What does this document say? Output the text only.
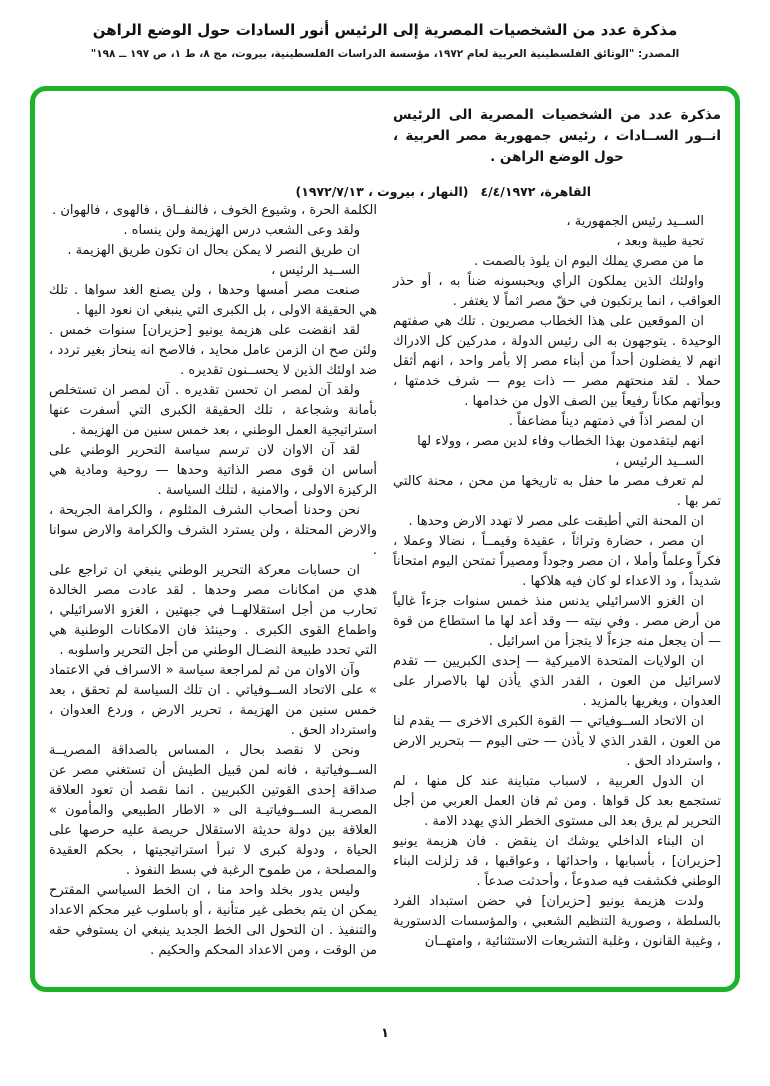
مذكرة عدد من الشخصيات المصرية إلى الرئيس أنور السادات حول الوضع الراهن
المصدر: "الوثائق الفلسطينية العربية لعام ١٩٧٢، مؤسسة الدراسات الفلسطينية، بيروت، مج ٨، ط ١، ص ١٩٧ ــ ١٩٨"

مذكرة عدد من الشخصيات المصرية الى الرئيس انــور الســادات ، رئيس جمهورية مصر العربية ، حول الوضع الراهن .

القاهرة، ٤/٤/١٩٧٢
(النهار ، بيروت ، ١٩٧٢/٧/١٣)

الســيد رئيس الجمهورية ،

تحية طيبة وبعد ،

ما من مصري يملك اليوم ان يلوذ بالصمت .

واولئك الذين يملكون الرأي ويحبسونه ضناً به ، أو حذر العواقب ، انما يرتكبون في حقّ مصر اثماً لا يغتفر .

ان الموقعين على هذا الخطاب مصريون . تلك هي صفتهم الوحيدة . يتوجهون به الى رئيس الدولة ، مدركين كل الادراك انهم لا يفضلون أحداً من أبناء مصر إلا بأمر واحد ، انهم أثقل حملا . لقد منحتهم مصر — ذات يوم — شرف خدمتها ، وبوأتهم مكاناً رفيعاً بين الصف الاول من خدامها .

ان لمصر اذاً في ذمتهم ديناً مضاعفاً .

انهم ليتقدمون بهذا الخطاب وفاء لدين مصر ، وولاء لها

الســيد الرئيس ،

لم تعرف مصر ما حفل به تاريخها من محن ، محنة كالتي تمر بها .

ان المحنة التي أطبقت على مصر لا تهدد الارض وحدها .

ان مصر ، حضارة وتراثاً ، عقيدة وقيمــاً ، نضالا وعملا ، فكراً وعلماً وأملا ، ان مصر وجوداً ومصيراً تمتحن اليوم امتحاناً شديداً ، ود الاعداء لو كان فيه هلاكها .

ان الغزو الاسرائيلي يدنس منذ خمس سنوات جزءاً غالياً من أرض مصر . وفي نيته — وقد أعد لها ما استطاع من قوة — أن يجعل منه جزءاً لا يتجزأ من اسرائيل .

ان الولايات المتحدة الاميركية — إحدى الكبريين — تقدم لاسرائيل من العون ، القدر الذي يأذن لها بالاصرار على العدوان ، ويغريها بالمزيد .

ان الاتحاد الســوفياتي — القوة الكبرى الاخرى — يقدم لنا من العون ، القدر الذي لا يأذن — حتى اليوم — بتحرير الارض ، واسترداد الحق .

ان الدول العربية ، لاسباب متباينة عند كل منها ، لم تستجمع بعد كل قواها . ومن ثم فان العمل العربي من أجل التحرير لم يرق بعد الى مستوى الخطر الذي يهدد الامة .

ان البناء الداخلي يوشك ان ينقض . فان هزيمة يونيو [حزيران] ، بأسبابها ، واحداثها ، وعواقبها ، قد زلزلت البناء الوطني فكشفت فيه صدوعاً ، وأحدثت صدعاً .

ولدت هزيمة يونيو [حزيران] في حضن استبداد الفرد بالسلطة ، وصورية التنظيم الشعبي ، والمؤسسات الدستورية ، وغيبة القانون ، وغلبة التشريعات الاستثنائية ، وامتهــان

الكلمة الحرة ، وشيوع الخوف ، فالنفــاق ، فالهوى ، فالهوان .

ولقد وعى الشعب درس الهزيمة ولن ينساه .

ان طريق النصر لا يمكن بحال ان تكون طريق الهزيمة .

الســيد الرئيس ،

صنعت مصر أمسها وحدها ، ولن يصنع الغد سواها . تلك هي الحقيقة الاولى ، بل الكبرى التي ينبغي ان نعود اليها .

لقد انقضت على هزيمة يونيو [حزيران] سنوات خمس . ولئن صح ان الزمن عامل محايد ، فالاصح انه ينحاز بغير تردد ، ضد اولئك الذين لا يحســنون تقديره .

ولقد آن لمصر ان تحسن تقديره . آن لمصر ان تستخلص بأمانة وشجاعة ، تلك الحقيقة الكبرى التي أسفرت عنها استراتيجية العمل الوطني ، بعد خمس سنين من الهزيمة .

لقد آن الاوان لان ترسم سياسة التحرير الوطني على أساس ان قوى مصر الذاتية وحدها — روحية ومادية هي الركيزة الاولى ، والامنية ، لتلك السياسة .

نحن وحدنا أصحاب الشرف المثلوم ، والكرامة الجريحة ، والارض المحتلة ، ولن يسترد الشرف والكرامة والارض سوانا .

ان حسابات معركة التحرير الوطني ينبغي ان تراجع على هدي من امكانات مصر وحدها . لقد عادت مصر الخالدة تحارب من أجل استقلالهــا في جبهتين ، الغزو الاسرائيلي ، واطماع القوى الكبرى . وحينئذ فان الامكانات الوطنية هي التي تحدد طبيعة النضـال الوطني من أجل التحرير واسلوبه .

وآن الاوان من ثم لمراجعة سياسة « الاسراف في الاعتماد » على الاتحاد الســوفياتي . ان تلك السياسة لم تحقق ، بعد خمس سنين من الهزيمة ، تحرير الارض ، وردع العدوان ، واسترداد الحق .

ونحن لا نقصد بحال ، المساس بالصداقة المصريــة الســوفياتية ، فانه لمن قبيل الطيش أن تستغني مصر عن صداقة إحدى القوتين الكبريين . انما نقصد أن تعود العلاقة المصريـة الســوفياتيـة الى « الاطار الطبيعي والمأمون » العلاقة بين دولة حديثة الاستقلال حريصة عليه حرصها على الحياة ، ودولة كبرى لا تبرأ استراتيجيتها ، بحكم العقيدة والمصلحة ، من طموح الرغبة في بسط النفوذ .

وليس يدور بخلد واحد منا ، ان الخط السياسي المقترح يمكن ان يتم بخطى غير متأنية ، أو باسلوب غير محكم الاعداد والتنفيذ . ان التحول الى الخط الجديد ينبغي ان يستوفي حقه من الوقت ، ومن الاعداد المحكم والحكيم .

١
